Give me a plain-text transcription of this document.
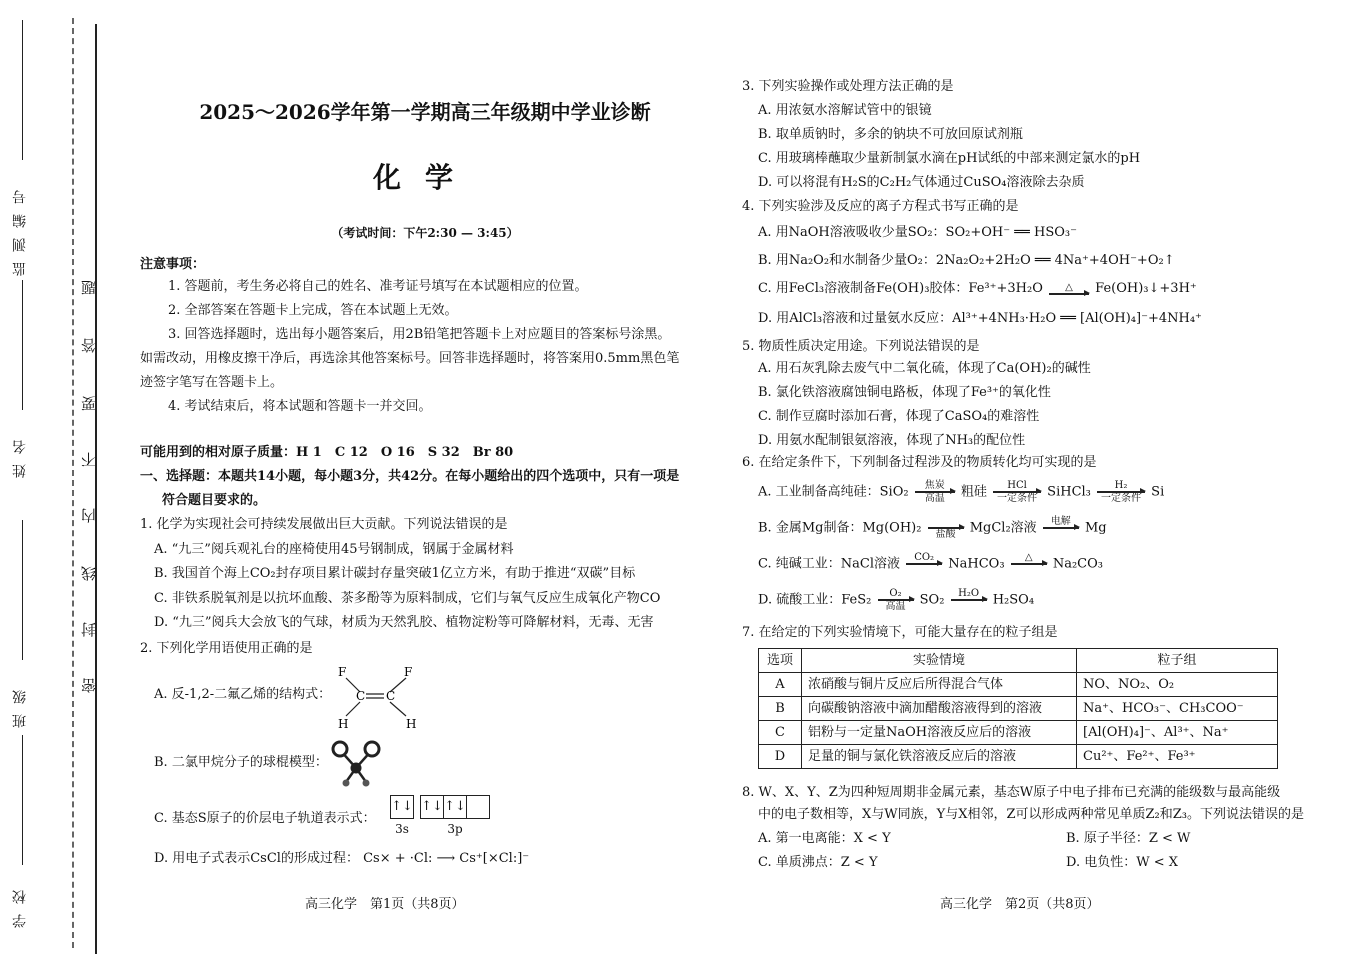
监测编号
姓名
班级
学校
题
答
要
不
内
线
封
密
2025～2026学年第一学期高三年级期中学业诊断
化学
（考试时间：下午2:30 — 3:45）
注意事项：
1. 答题前，考生务必将自己的姓名、准考证号填写在本试题相应的位置。
2. 全部答案在答题卡上完成，答在本试题上无效。
3. 回答选择题时，选出每小题答案后，用2B铅笔把答题卡上对应题目的答案标号涂黑。
如需改动，用橡皮擦干净后，再选涂其他答案标号。回答非选择题时，将答案用0.5mm黑色笔
迹签字笔写在答题卡上。
4. 考试结束后，将本试题和答题卡一并交回。
可能用到的相对原子质量：H 1　C 12　O 16　S 32　Br 80
一、选择题：本题共14小题，每小题3分，共42分。在每小题给出的四个选项中，只有一项是
符合题目要求的。
1. 化学为实现社会可持续发展做出巨大贡献。下列说法错误的是
A. “九三”阅兵观礼台的座椅使用45号钢制成，钢属于金属材料
B. 我国首个海上CO₂封存项目累计碳封存量突破1亿立方米，有助于推进“双碳”目标
C. 非铁系脱氧剂是以抗坏血酸、茶多酚等为原料制成，它们与氧气反应生成氧化产物CO
D. “九三”阅兵大会放飞的气球，材质为天然乳胶、植物淀粉等可降解材料，无毒、无害
2. 下列化学用语使用正确的是
A. 反-1,2-二氟乙烯的结构式：
F	F
C C
H	H
B. 二氯甲烷分子的球棍模型：
C. 基态S原子的价层电子轨道表示式：
↑↓
3s
↑↓ ↑↓
3p
D. 用电子式表示CsCl的形成过程： Cs× + ·Cl: ⟶ Cs⁺[×Cl:]⁻
高三化学　第1页（共8页）
3. 下列实验操作或处理方法正确的是
A. 用浓氨水溶解试管中的银镜
B. 取单质钠时，多余的钠块不可放回原试剂瓶
C. 用玻璃棒蘸取少量新制氯水滴在pH试纸的中部来测定氯水的pH
D. 可以将混有H₂S的C₂H₂气体通过CuSO₄溶液除去杂质
4. 下列实验涉及反应的离子方程式书写正确的是
A. 用NaOH溶液吸收少量SO₂：SO₂+OH⁻ ══ HSO₃⁻
B. 用Na₂O₂和水制备少量O₂：2Na₂O₂+2H₂O ══ 4Na⁺+4OH⁻+O₂↑
C. 用FeCl₃溶液制备Fe(OH)₃胶体：Fe³⁺+3H₂O △ Fe(OH)₃↓+3H⁺
D. 用AlCl₃溶液和过量氨水反应：Al³⁺+4NH₃·H₂O ══ [Al(OH)₄]⁻+4NH₄⁺
5. 物质性质决定用途。下列说法错误的是
A. 用石灰乳除去废气中二氧化硫，体现了Ca(OH)₂的碱性
B. 氯化铁溶液腐蚀铜电路板，体现了Fe³⁺的氧化性
C. 制作豆腐时添加石膏，体现了CaSO₄的难溶性
D. 用氨水配制银氨溶液，体现了NH₃的配位性
6. 在给定条件下，下列制备过程涉及的物质转化均可实现的是
A. 工业制备高纯硅：SiO₂ 焦炭
高温 粗硅 HCl
一定条件 SiHCl₃ H₂
一定条件 Si
B. 金属Mg制备：Mg(OH)₂
盐酸 MgCl₂溶液 电解
Mg
C. 纯碱工业：NaCl溶液 CO₂
NaHCO₃ △
Na₂CO₃
D. 硫酸工业：FeS₂ O₂
高温 SO₂ H₂O
H₂SO₄
7. 在给定的下列实验情境下，可能大量存在的粒子组是
选项	实验情境	粒子组
A	浓硝酸与铜片反应后所得混合气体	NO、NO₂、O₂
B	向碳酸钠溶液中滴加醋酸溶液得到的溶液	Na⁺、HCO₃⁻、CH₃COO⁻
C	铝粉与一定量NaOH溶液反应后的溶液	[Al(OH)₄]⁻、Al³⁺、Na⁺
D	足量的铜与氯化铁溶液反应后的溶液	Cu²⁺、Fe²⁺、Fe³⁺
8. W、X、Y、Z为四种短周期非金属元素，基态W原子中电子排布已充满的能级数与最高能级
中的电子数相等，X与W同族，Y与X相邻，Z可以形成两种常见单质Z₂和Z₃。下列说法错误的是
A. 第一电离能：X < Y	B. 原子半径：Z < W
C. 单质沸点：Z < Y	D. 电负性：W < X
高三化学　第2页（共8页）
